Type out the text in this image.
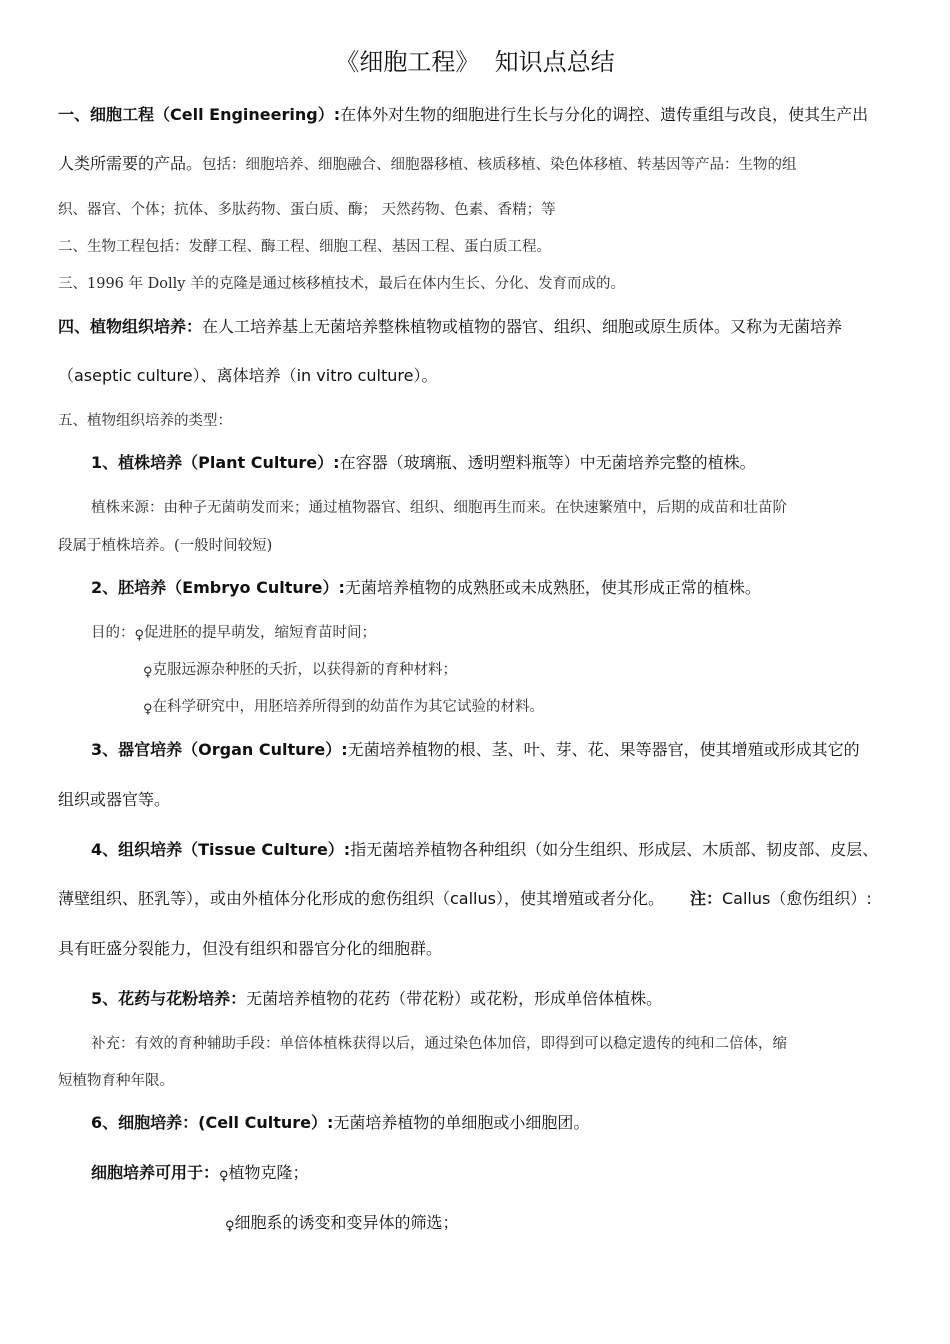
《细胞工程》  知识点总结
一、细胞工程（Cell Engineering）:在体外对生物的细胞进行生长与分化的调控、遗传重组与改良，使其生产出
人类所需要的产品。包括：细胞培养、细胞融合、细胞器移植、核质移植、染色体移植、转基因等产品：生物的组
织、器官、个体；抗体、多肽药物、蛋白质、酶； 天然药物、色素、香精；等
二、生物工程包括：发酵工程、酶工程、细胞工程、基因工程、蛋白质工程。
三、1996 年 Dolly 羊的克隆是通过核移植技术，最后在体内生长、分化、发育而成的。
四、植物组织培养：在人工培养基上无菌培养整株植物或植物的器官、组织、细胞或原生质体。又称为无菌培养
（aseptic culture）、离体培养（in vitro culture）。
五、植物组织培养的类型：
1、植株培养（Plant Culture）:在容器（玻璃瓶、透明塑料瓶等）中无菌培养完整的植株。
植株来源：由种子无菌萌发而来；通过植物器官、组织、细胞再生而来。在快速繁殖中，后期的成苗和壮苗阶
段属于植株培养。(一般时间较短)
2、胚培养（Embryo Culture）:无菌培养植物的成熟胚或未成熟胚，使其形成正常的植株。
目的：♀促进胚的提早萌发，缩短育苗时间；
♀克服远源杂种胚的夭折，以获得新的育种材料；
♀在科学研究中，用胚培养所得到的幼苗作为其它试验的材料。
3、器官培养（Organ Culture）:无菌培养植物的根、茎、叶、芽、花、果等器官，使其增殖或形成其它的
组织或器官等。
4、组织培养（Tissue Culture）:指无菌培养植物各种组织（如分生组织、形成层、木质部、韧皮部、皮层、
薄壁组织、胚乳等），或由外植体分化形成的愈伤组织（callus），使其增殖或者分化。 注：Callus（愈伤组织）:
具有旺盛分裂能力，但没有组织和器官分化的细胞群。
5、花药与花粉培养：无菌培养植物的花药（带花粉）或花粉，形成单倍体植株。
补充：有效的育种辅助手段：单倍体植株获得以后，通过染色体加倍，即得到可以稳定遗传的纯和二倍体，缩
短植物育种年限。
6、细胞培养：(Cell Culture）:无菌培养植物的单细胞或小细胞团。
细胞培养可用于：♀植物克隆；
♀细胞系的诱变和变异体的筛选；
